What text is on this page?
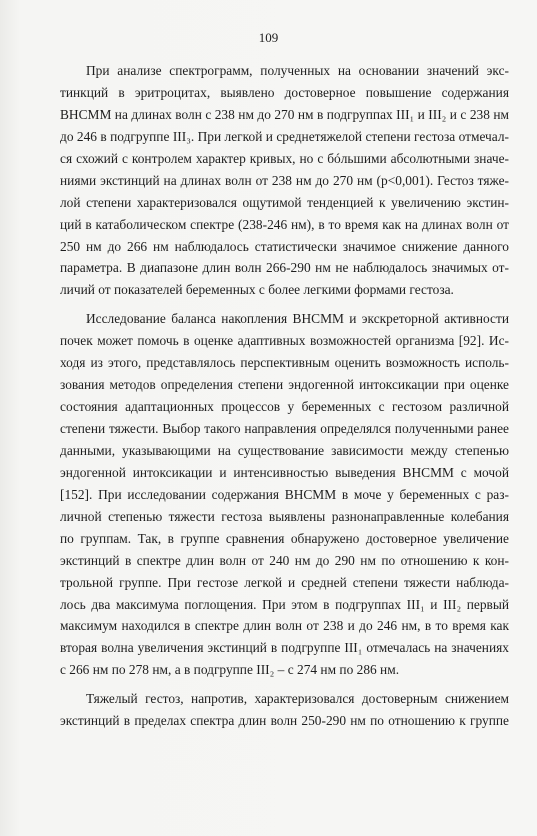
109

При анализе спектрограмм, полученных на основании значений экс-
тинкций в эритроцитах, выявлено достоверное повышение содержания
ВНСММ на длинах волн с 238 нм до 270 нм в подгруппах III₁ и III₂ и с 238 нм
до 246 в подгруппе III₃. При легкой и среднетяжелой степени гестоза отмечал-
ся схожий с контролем характер кривых, но с бóльшими абсолютными значе-
ниями экстинций на длинах волн от 238 нм до 270 нм (p<0,001). Гестоз тяже-
лой степени характеризовался ощутимой тенденцией к увеличению экстин-
ций в катаболическом спектре (238-246 нм), в то время как на длинах волн от
250 нм до 266 нм наблюдалось статистически значимое снижение данного
параметра. В диапазоне длин волн 266-290 нм не наблюдалось значимых от-
личий от показателей беременных с более легкими формами гестоза.

Исследование баланса накопления ВНСММ и экскреторной активности
почек может помочь в оценке адаптивных возможностей организма [92]. Ис-
ходя из этого, представлялось перспективным оценить возможность исполь-
зования методов определения степени эндогенной интоксикации при оценке
состояния адаптационных процессов у беременных с гестозом различной
степени тяжести. Выбор такого направления определялся полученными ранее
данными, указывающими на существование зависимости между степенью
эндогенной интоксикации и интенсивностью выведения ВНСММ с мочой
[152]. При исследовании содержания ВНСММ в моче у беременных с раз-
личной степенью тяжести гестоза выявлены разнонаправленные колебания
по группам. Так, в группе сравнения обнаружено достоверное увеличение
экстинций в спектре длин волн от 240 нм до 290 нм по отношению к кон-
трольной группе. При гестозе легкой и средней степени тяжести наблюда-
лось два максимума поглощения. При этом в подгруппах III₁ и III₂ первый
максимум находился в спектре длин волн от 238 и до 246 нм, в то время как
вторая волна увеличения экстинций в подгруппе III₁ отмечалась на значениях
с 266 нм по 278 нм, а в подгруппе III₂ – с 274 нм по 286 нм.

Тяжелый гестоз, напротив, характеризовался достоверным снижением
экстинций в пределах спектра длин волн 250-290 нм по отношению к группе
